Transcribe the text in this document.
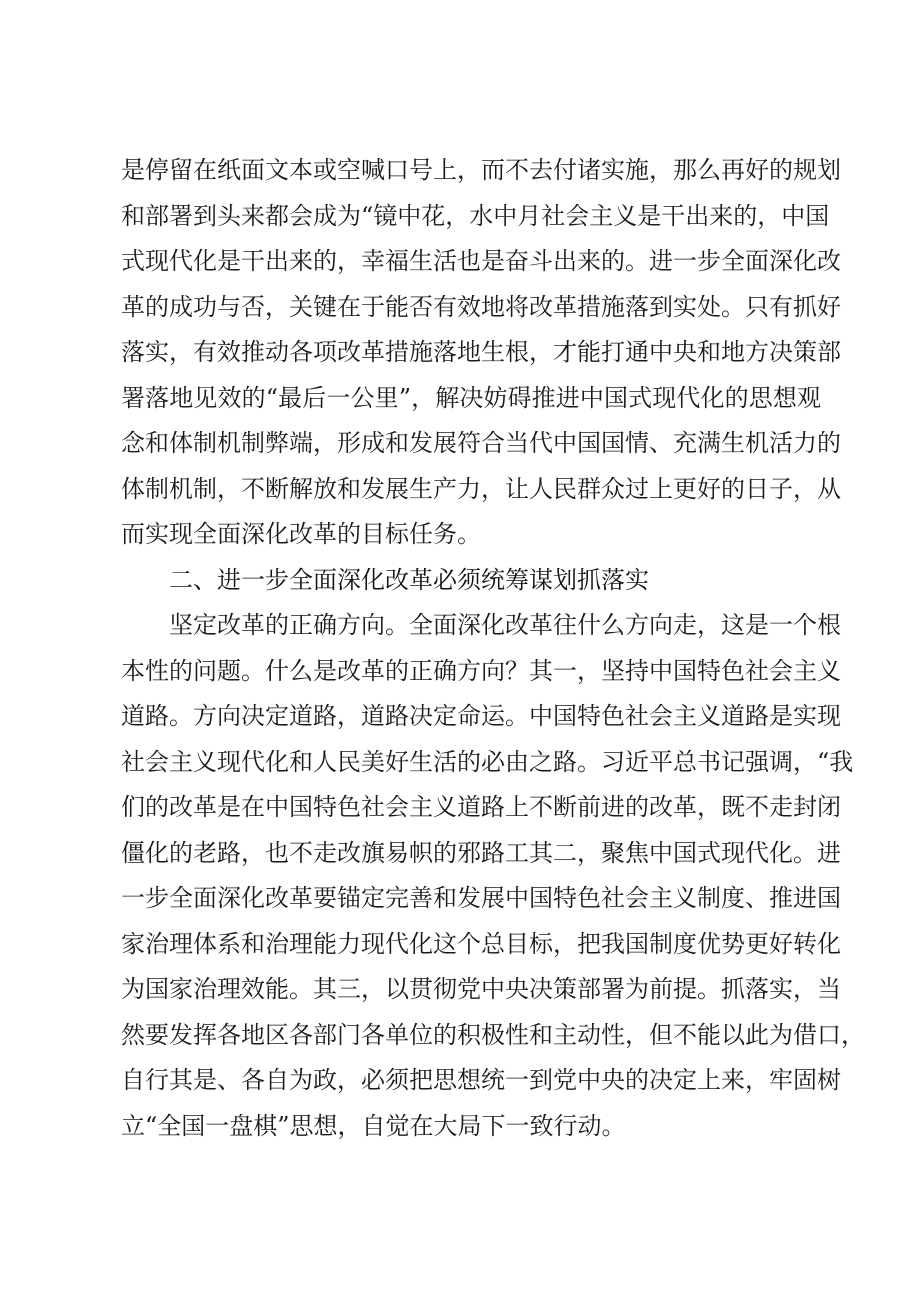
是停留在纸面文本或空喊口号上，而不去付诸实施，那么再好的规划
和部署到头来都会成为“镜中花，水中月社会主义是干出来的，中国
式现代化是干出来的，幸福生活也是奋斗出来的。进一步全面深化改
革的成功与否，关键在于能否有效地将改革措施落到实处。只有抓好
落实，有效推动各项改革措施落地生根，才能打通中央和地方决策部
署落地见效的“最后一公里”，解决妨碍推进中国式现代化的思想观
念和体制机制弊端，形成和发展符合当代中国国情、充满生机活力的
体制机制，不断解放和发展生产力，让人民群众过上更好的日子，从
而实现全面深化改革的目标任务。
二、进一步全面深化改革必须统筹谋划抓落实
坚定改革的正确方向。全面深化改革往什么方向走，这是一个根
本性的问题。什么是改革的正确方向？其一，坚持中国特色社会主义
道路。方向决定道路，道路决定命运。中国特色社会主义道路是实现
社会主义现代化和人民美好生活的必由之路。习近平总书记强调，“我
们的改革是在中国特色社会主义道路上不断前进的改革，既不走封闭
僵化的老路，也不走改旗易帜的邪路工其二，聚焦中国式现代化。进
一步全面深化改革要锚定完善和发展中国特色社会主义制度、推进国
家治理体系和治理能力现代化这个总目标，把我国制度优势更好转化
为国家治理效能。其三，以贯彻党中央决策部署为前提。抓落实，当
然要发挥各地区各部门各单位的积极性和主动性，但不能以此为借口，
自行其是、各自为政，必须把思想统一到党中央的决定上来，牢固树
立“全国一盘棋”思想，自觉在大局下一致行动。
